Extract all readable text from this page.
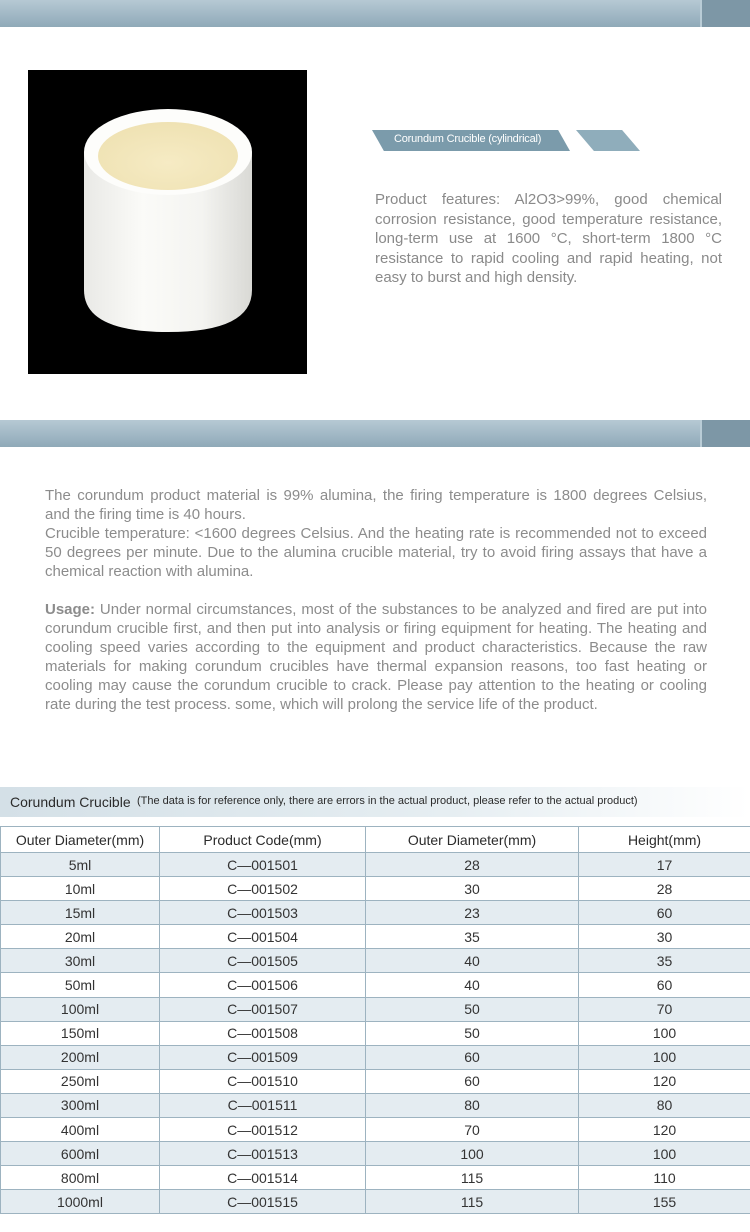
Corundum Crucible (cylindrical)

Product features: Al2O3>99%, good chemical corrosion resistance, good temperature resistance, long-term use at 1600 °C, short-term 1800 °C resistance to rapid cooling and rapid heating, not easy to burst and high density.

The corundum product material is 99% alumina, the firing temperature is 1800 degrees Celsius, and the firing time is 40 hours.

Crucible temperature: <1600 degrees Celsius. And the heating rate is recommended not to exceed 50 degrees per minute. Due to the alumina crucible material, try to avoid firing assays that have a chemical reaction with alumina.

Usage: Under normal circumstances, most of the substances to be analyzed and fired are put into corundum crucible first, and then put into analysis or firing equipment for heating. The heating and cooling speed varies according to the equipment and product characteristics. Because the raw materials for making corundum crucibles have thermal expansion reasons, too fast heating or cooling may cause the corundum crucible to crack. Please pay attention to the heating or cooling rate during the test process. some, which will prolong the service life of the product.

Corundum Crucible (The data is for reference only, there are errors in the actual product, please refer to the actual product)
Outer Diameter(mm)	Product Code(mm)	Outer Diameter(mm)	Height(mm)
5ml	C—001501	28	17
10ml	C—001502	30	28
15ml	C—001503	23	60
20ml	C—001504	35	30
30ml	C—001505	40	35
50ml	C—001506	40	60
100ml	C—001507	50	70
150ml	C—001508	50	100
200ml	C—001509	60	100
250ml	C—001510	60	120
300ml	C—001511	80	80
400ml	C—001512	70	120
600ml	C—001513	100	100
800ml	C—001514	115	110
1000ml	C—001515	115	155
